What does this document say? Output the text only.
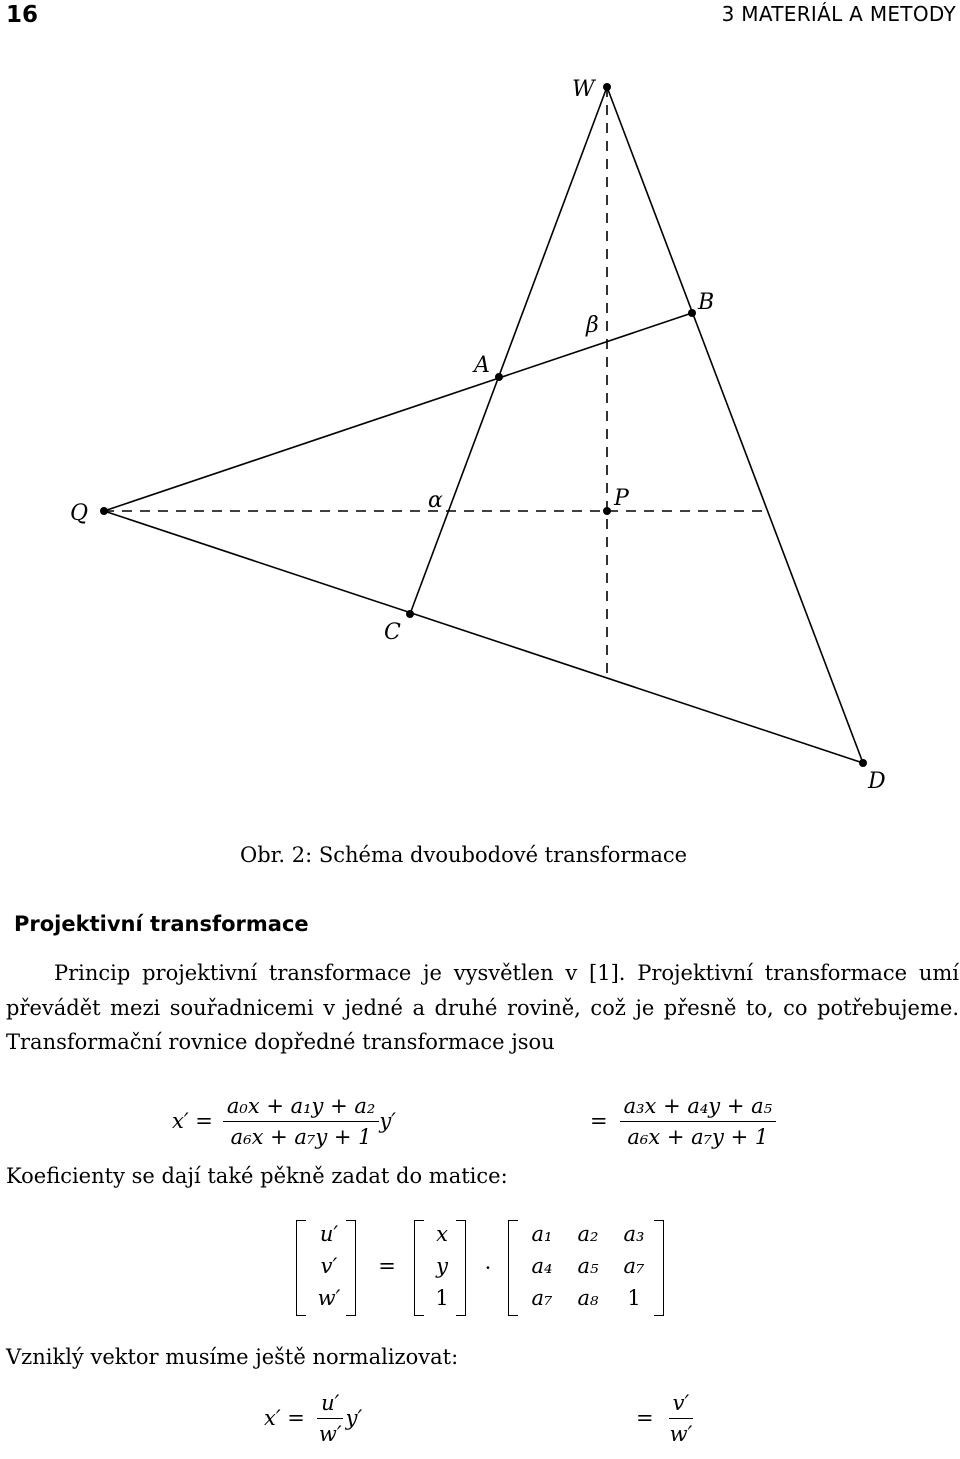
16	3 MATERIÁL A METODY
W
B
A
Q
P
C
D
β
α
Obr. 2: Schéma dvoubodové transformace
Projektivní transformace
Princip projektivní transformace je vysvětlen v [1]. Projektivní transformace umí převádět mezi souřadnicemi v jedné a druhé rovině, což je přesně to, co potřebujeme. Transformační rovnice dopředné transformace jsou
$x' = \frac{\text{a₀x + a₁y + a₂}}{\text{a₆x + a₇y + 1}} y'$	= $\frac{\text{a₃x + a₄y + a₅}}{\text{a₆x + a₇y + 1}}$
Koeficienty se dají také pěkně zadat do matice:
u′
v′
w′
=
x
y
1
·
a₁	a₂	a₃
a₄	a₅	a₇
a₇	a₈	1
Vzniklý vektor musíme ještě normalizovat:
$x' = \frac{u'}{w'} y'$	= $\frac{v'}{w'}$
